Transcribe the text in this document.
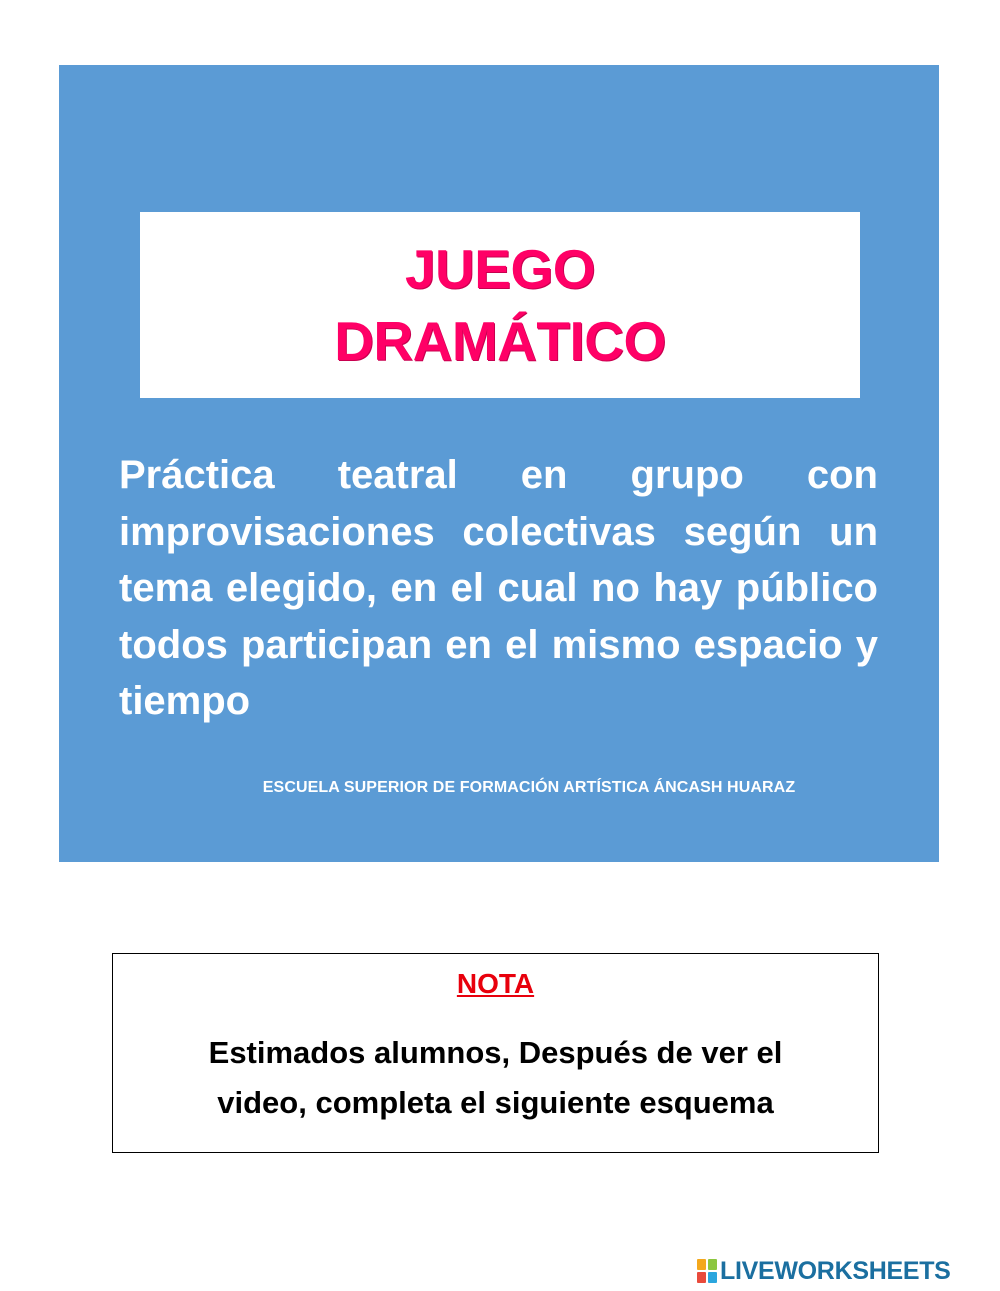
JUEGO
DRAMÁTICO

Práctica teatral en grupo con improvisaciones colectivas según un tema elegido, en el cual no hay público todos participan en el mismo espacio y tiempo

ESCUELA SUPERIOR DE FORMACIÓN ARTÍSTICA ÁNCASH HUARAZ
NOTA
Estimados alumnos, Después de ver el
video, completa el siguiente esquema
LIVEWORKSHEETS
